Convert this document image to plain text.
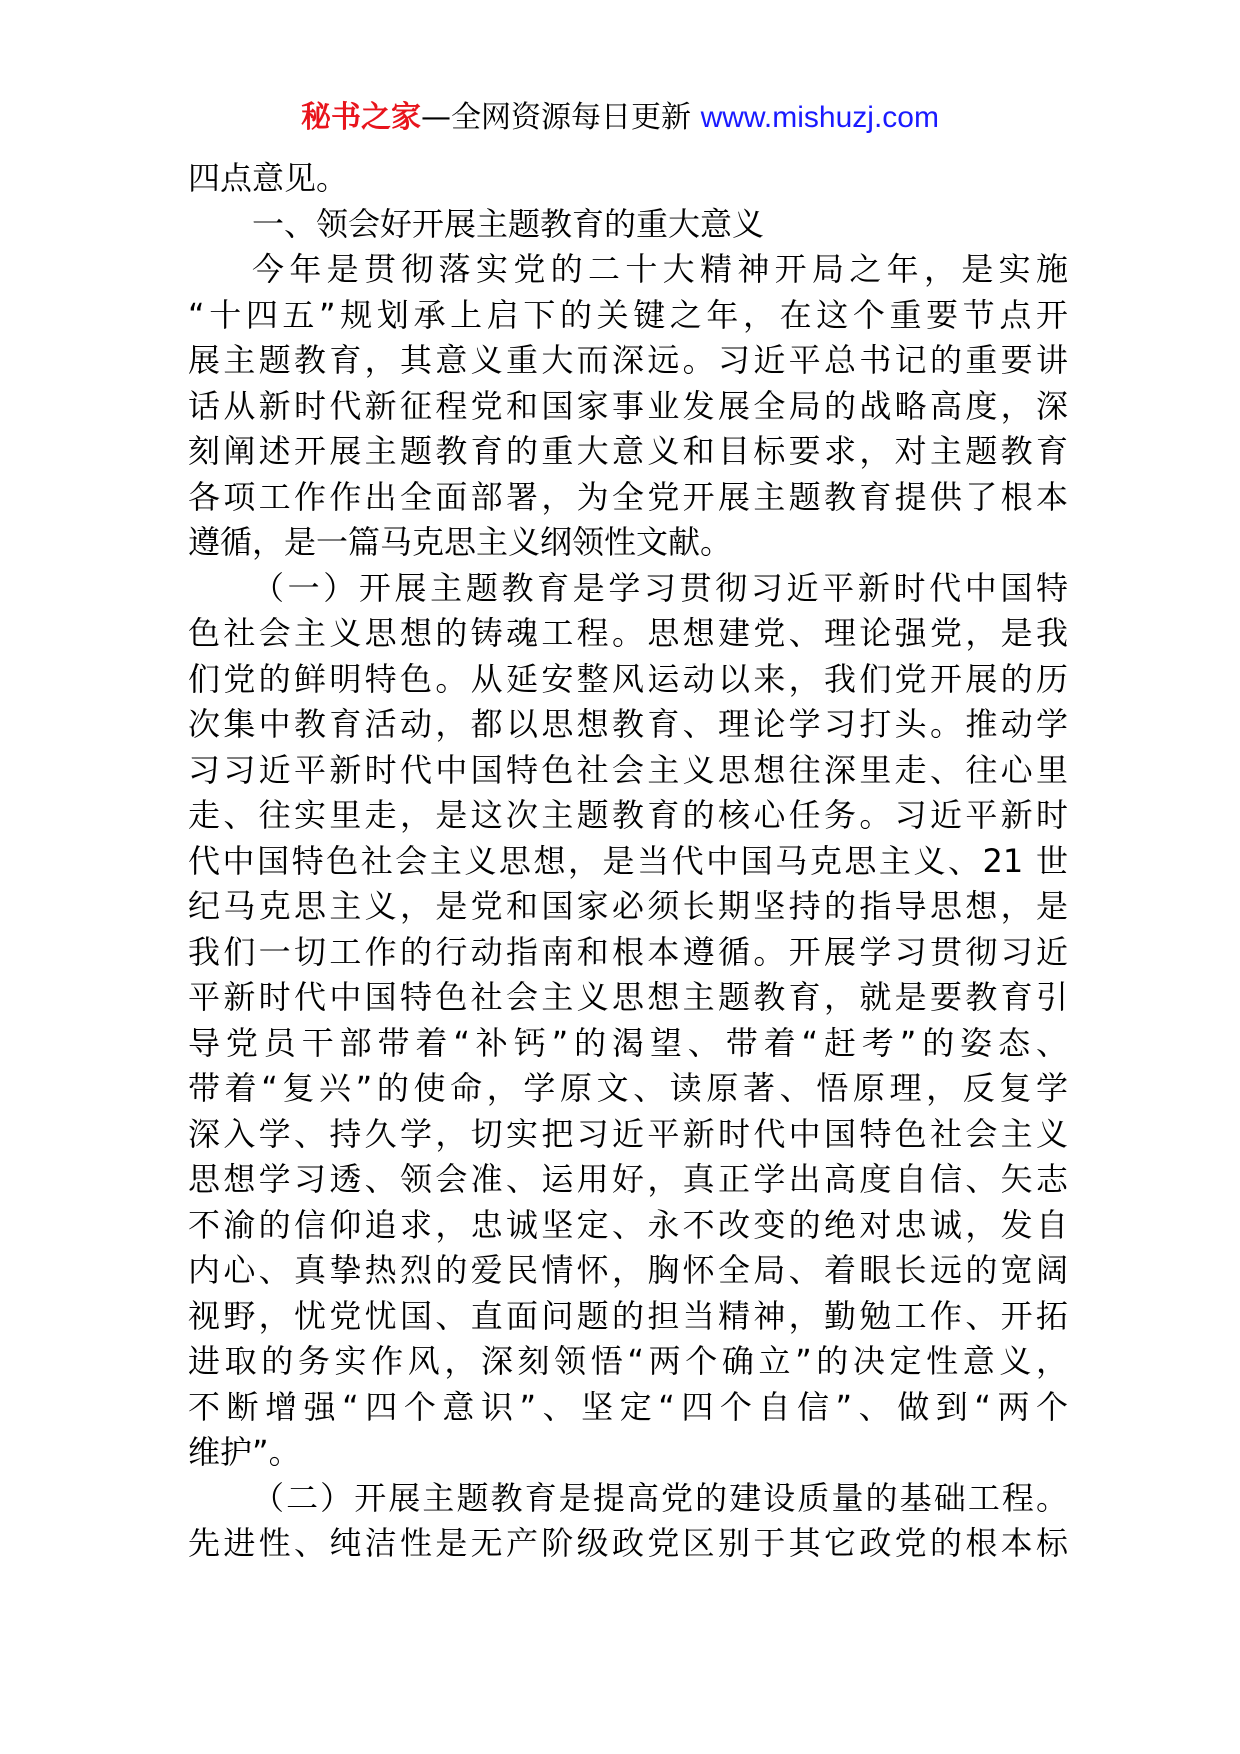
秘书之家—全网资源每日更新 www.mishuzj.com
四点意见。
一、领会好开展主题教育的重大意义
今年是贯彻落实党的二十大精神开局之年，是实施
“十四五”规划承上启下的关键之年，在这个重要节点开
展主题教育，其意义重大而深远。习近平总书记的重要讲
话从新时代新征程党和国家事业发展全局的战略高度，深
刻阐述开展主题教育的重大意义和目标要求，对主题教育
各项工作作出全面部署，为全党开展主题教育提供了根本
遵循，是一篇马克思主义纲领性文献。
（一）开展主题教育是学习贯彻习近平新时代中国特
色社会主义思想的铸魂工程。思想建党、理论强党，是我
们党的鲜明特色。从延安整风运动以来，我们党开展的历
次集中教育活动，都以思想教育、理论学习打头。推动学
习习近平新时代中国特色社会主义思想往深里走、往心里
走、往实里走，是这次主题教育的核心任务。习近平新时
代中国特色社会主义思想，是当代中国马克思主义、21 世
纪马克思主义，是党和国家必须长期坚持的指导思想，是
我们一切工作的行动指南和根本遵循。开展学习贯彻习近
平新时代中国特色社会主义思想主题教育，就是要教育引
导党员干部带着“补钙”的渴望、带着“赶考”的姿态、
带着“复兴”的使命，学原文、读原著、悟原理，反复学
深入学、持久学，切实把习近平新时代中国特色社会主义
思想学习透、领会准、运用好，真正学出高度自信、矢志
不渝的信仰追求，忠诚坚定、永不改变的绝对忠诚，发自
内心、真挚热烈的爱民情怀，胸怀全局、着眼长远的宽阔
视野，忧党忧国、直面问题的担当精神，勤勉工作、开拓
进取的务实作风，深刻领悟“两个确立”的决定性意义，
不断增强“四个意识”、坚定“四个自信”、做到“两个
维护”。
（二）开展主题教育是提高党的建设质量的基础工程。
先进性、纯洁性是无产阶级政党区别于其它政党的根本标
